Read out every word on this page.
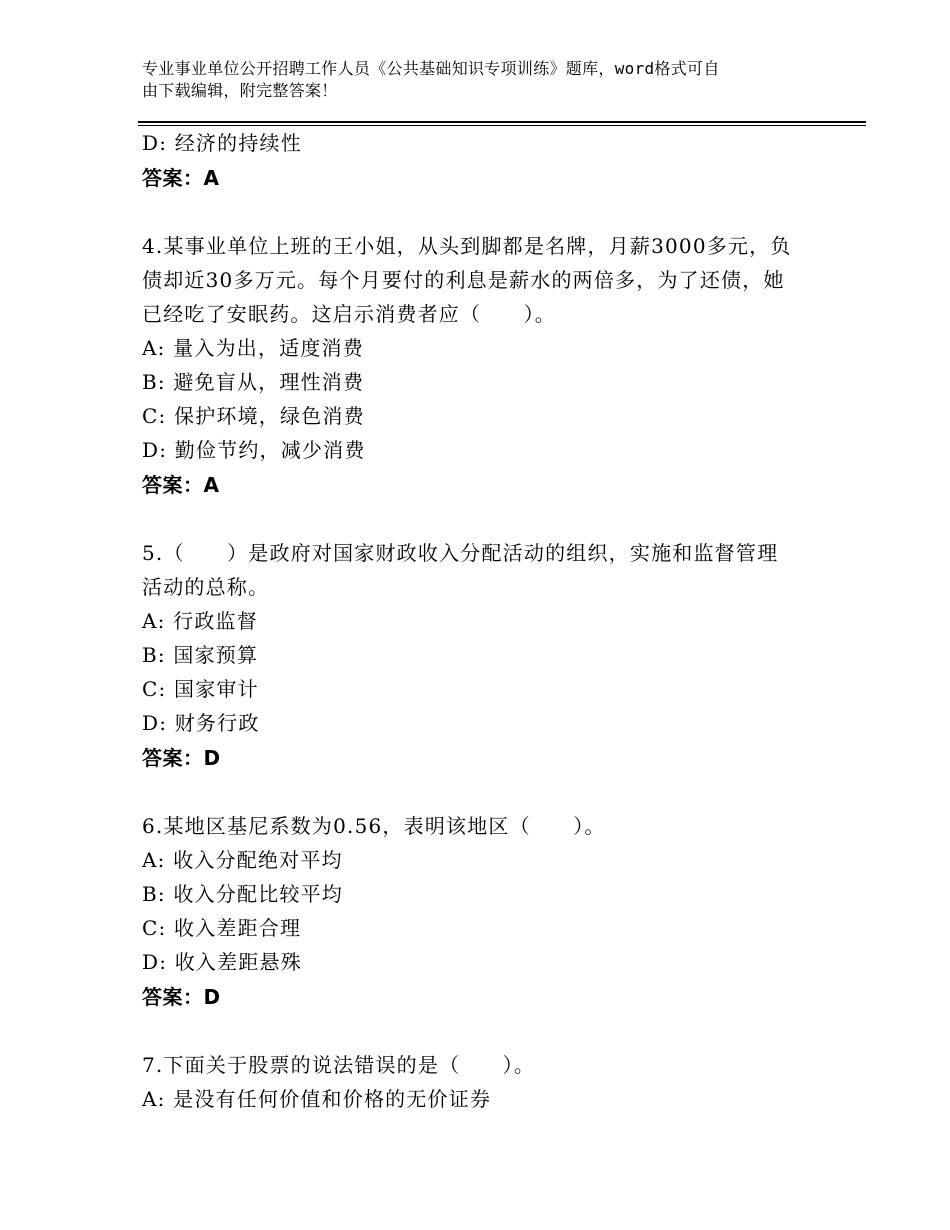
专业事业单位公开招聘工作人员《公共基础知识专项训练》题库，word格式可自
由下载编辑，附完整答案！
D: 经济的持续性
答案：A
4.某事业单位上班的王小姐，从头到脚都是名牌，月薪3000多元，负
债却近30多万元。每个月要付的利息是薪水的两倍多，为了还债，她
已经吃了安眠药。这启示消费者应（　　）。
A: 量入为出，适度消费
B: 避免盲从，理性消费
C: 保护环境，绿色消费
D: 勤俭节约，减少消费
答案：A
5.（　　）是政府对国家财政收入分配活动的组织，实施和监督管理
活动的总称。
A: 行政监督
B: 国家预算
C: 国家审计
D: 财务行政
答案：D
6.某地区基尼系数为0.56，表明该地区（　　）。
A: 收入分配绝对平均
B: 收入分配比较平均
C: 收入差距合理
D: 收入差距悬殊
答案：D
7.下面关于股票的说法错误的是（　　）。
A: 是没有任何价值和价格的无价证券
